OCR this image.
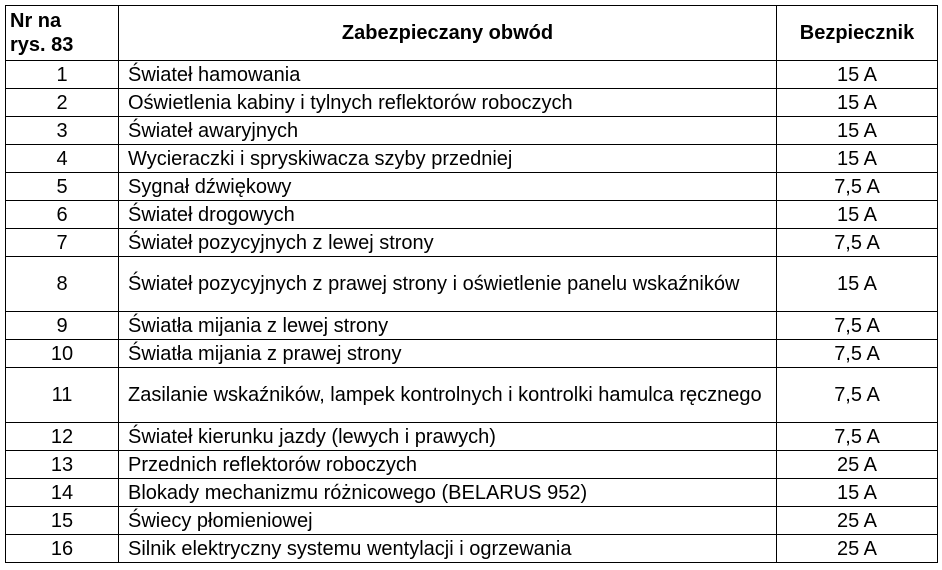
Nr na
rys. 83	Zabezpieczany obwód	Bezpiecznik
1	Świateł hamowania	15 A
2	Oświetlenia kabiny i tylnych reflektorów roboczych	15 A
3	Świateł awaryjnych	15 A
4	Wycieraczki i spryskiwacza szyby przedniej	15 A
5	Sygnał dźwiękowy	7,5 A
6	Świateł drogowych	15 A
7	Świateł pozycyjnych z lewej strony	7,5 A
8	Świateł pozycyjnych z prawej strony i oświetlenie panelu wskaźników	15 A
9	Światła mijania z lewej strony	7,5 A
10	Światła mijania z prawej strony	7,5 A
11	Zasilanie wskaźników, lampek kontrolnych i kontrolki hamulca ręcznego	7,5 A
12	Świateł kierunku jazdy (lewych i prawych)	7,5 A
13	Przednich reflektorów roboczych	25 A
14	Blokady mechanizmu różnicowego (BELARUS 952)	15 A
15	Świecy płomieniowej	25 A
16	Silnik elektryczny systemu wentylacji i ogrzewania	25 A
